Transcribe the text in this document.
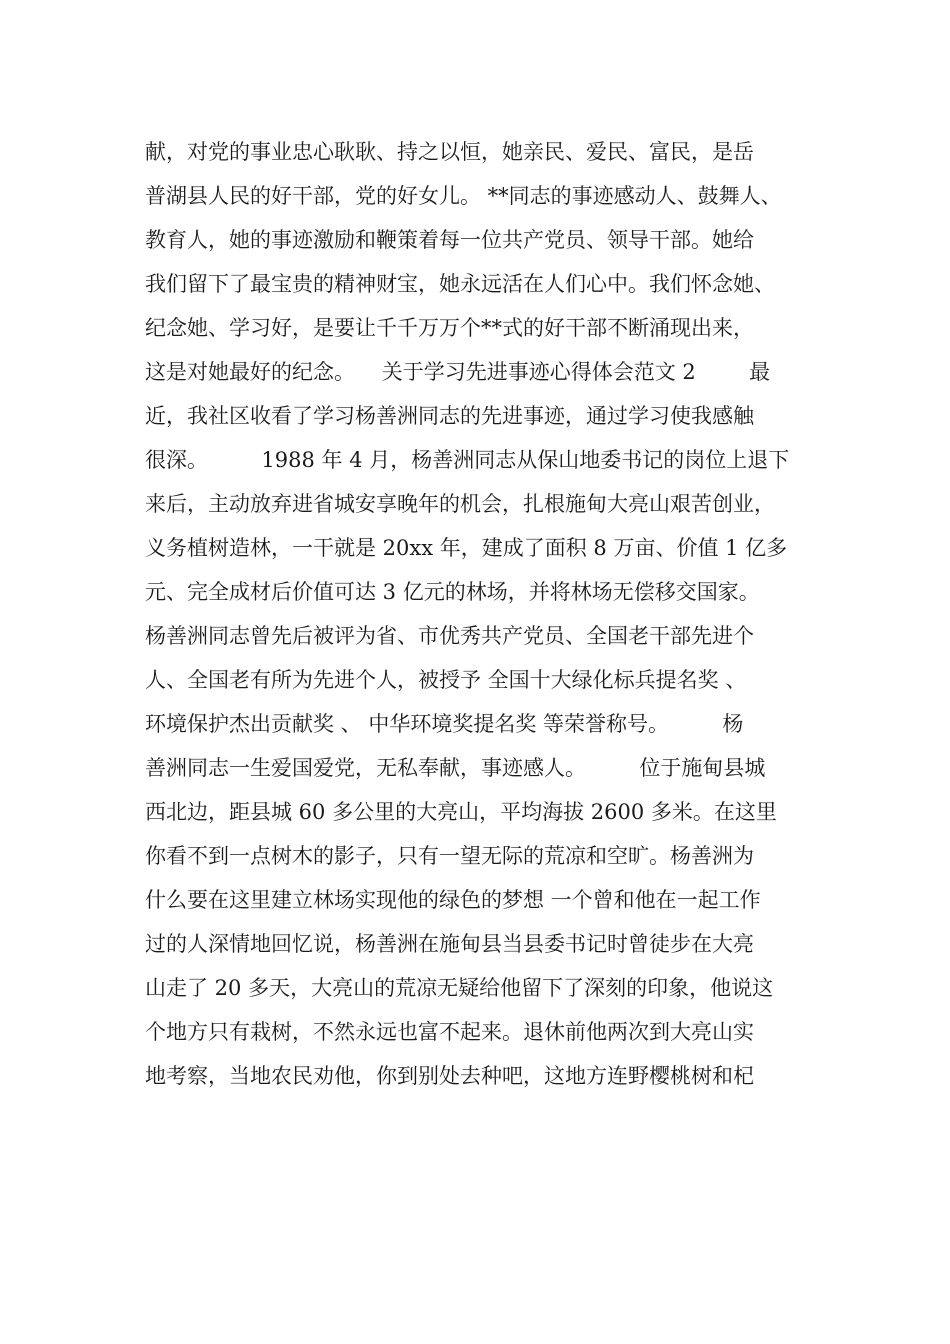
献，对党的事业忠心耿耿、持之以恒，她亲民、爱民、富民，是岳
普湖县人民的好干部，党的好女儿。 **同志的事迹感动人、鼓舞人、
教育人，她的事迹激励和鞭策着每一位共产党员、领导干部。她给
我们留下了最宝贵的精神财宝，她永远活在人们心中。我们怀念她、
纪念她、学习好，是要让千千万万个**式的好干部不断涌现出来，
这是对她最好的纪念。    关于学习先进事迹心得体会范文 2        最
近，我社区收看了学习杨善洲同志的先进事迹，通过学习使我感触
很深。        1988 年 4 月，杨善洲同志从保山地委书记的岗位上退下
来后，主动放弃进省城安享晚年的机会，扎根施甸大亮山艰苦创业，
义务植树造林，一干就是 20xx 年，建成了面积 8 万亩、价值 1 亿多
元、完全成材后价值可达 3 亿元的林场，并将林场无偿移交国家。
杨善洲同志曾先后被评为省、市优秀共产党员、全国老干部先进个
人、全国老有所为先进个人，被授予 全国十大绿化标兵提名奖 、
环境保护杰出贡献奖 、 中华环境奖提名奖 等荣誉称号。        杨
善洲同志一生爱国爱党，无私奉献，事迹感人。        位于施甸县城
西北边，距县城 60 多公里的大亮山，平均海拔 2600 多米。在这里
你看不到一点树木的影子，只有一望无际的荒凉和空旷。杨善洲为
什么要在这里建立林场实现他的绿色的梦想 一个曾和他在一起工作
过的人深情地回忆说，杨善洲在施甸县当县委书记时曾徒步在大亮
山走了 20 多天，大亮山的荒凉无疑给他留下了深刻的印象，他说这
个地方只有栽树，不然永远也富不起来。退休前他两次到大亮山实
地考察，当地农民劝他，你到别处去种吧，这地方连野樱桃树和杞
